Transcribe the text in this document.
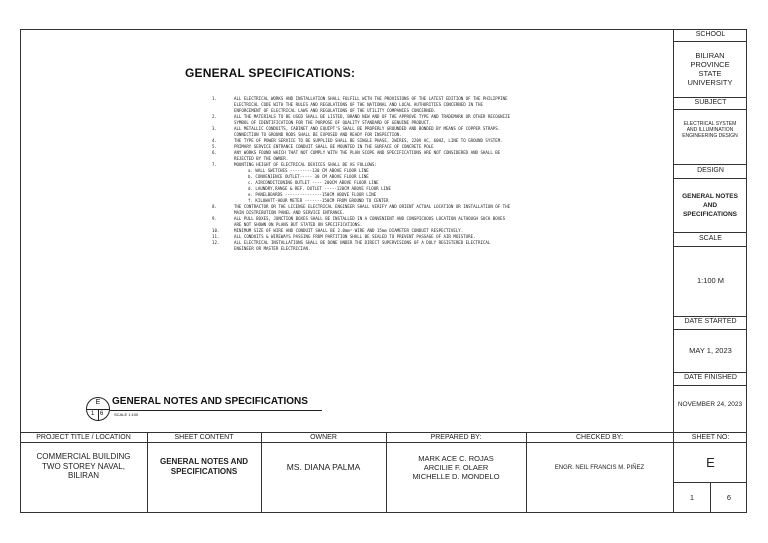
GENERAL SPECIFICATIONS:
1.	ALL ELECTRICAL WORKS AND INSTALLATION SHALL FULFILL WITH THE PROVISIONS OF THE LATEST EDITION OF THE PHILIPPINE ELECTRICAL CODE WITH THE RULES AND REGULATIONS OF THE NATIONAL AND LOCAL AUTHORITIES CONCERNED IN THE ENFORCEMENT OF ELECTRICAL LAWS AND REGULATIONS OF THE UTILITY COMPANIES CONCERNED.
2.	ALL THE MATERIALS TO BE USED SHALL BE LISTED, BRAND NEW AND OF THE APPROVE TYPE AND TRADEMARK OR OTHER RECOGNIZE SYMBOL OF IDENTIFICATION FOR THE PURPOSE OF QUALITY STANDARD OF GENUINE PRODUCT.
3.	ALL METALLIC CONDUITS, CABINET AND EQUIPT'S SHALL BE PROPERLY GROUNDED AND BONDED BY MEANS OF COPPER STRAPS. CONNECTION TO GROUND RODS SHALL BE EXPOSED AND READY FOR INSPECTION.
4.	THE TYPE OF POWER SERVICE TO BE SUPPLIED SHALL BE SINGLE PHASE, 2WIRES, 220V AC, 60HZ, LINE TO GROUND SYSTEM.
5.	PRIMARY SERVICE ENTRANCE CONDUIT SHALL BE MOUNTED IN THE SURFACE OF CONCRETE POLE
6.	ANY WORKS FOUND WHICH THAT NOT COMPLY WITH THE PLAN SCOPE AND SPECIFICATIONS ARE NOT CONSIDERED AND SHALL BE REJECTED BY THE OWNER.
7.	MOUNTING HEIGHT OF ELECTRICAL DEVICES SHALL BE AS FOLLOWS:
a. WALL SWITCHES ---------130 CM ABOVE FLOOR LINE
b. CONVENIENCE OUTLET----- 30 CM ABOVE FLOOR LINE
c. AIRCONDITIONING OUTLET ---- 200CM ABOVE FLOOR LINE
d. LAUNDRY,RANGE & REF. OUTLET -----120CM ABOVE FLOOR LINE
e. PANELBOARDS ---------------150CM ABOVE FLOOR LINE
f. KILOWATT-HOUR METER -------150CM FROM GROUND TO CENTER
8.	THE CONTRACTOR OR THE LICENSE ELECTRICAL ENGINEER SHALL VERIFY AND ORIENT ACTUAL LOCATION OR INSTALLATION OF THE MAIN DISTRIBUTION PANEL AND SERVICE ENTRANCE.
9.	ALL PULL BOXES, JUNCTION BOXES SHALL BE INSTALLED IN A CONVENIENT AND CONSPICUOUS LOCATION ALTHOUGH SUCH BOXES ARE NOT SHOWN ON PLANS BUT STATED ON SPECIFICATIONS.
10.	MINIMUM SIZE OF WIRE AND CONDUIT SHALL BE 2.0mm² WIRE AND 15mm DIAMETER CONDUIT RESPECTIVELY.
11.	ALL CONDUITS & WIREWAYS PASSING FROM PARTITION SHALL BE SEALED TO PREVENT PASSAGE OF AIR MOISTURE.
12.	ALL ELECTRICAL INSTALLATIONS SHALL BE DONE UNDER THE DIRECT SUPERVISIONS OF A DULY REGISTERED ELECTRICAL ENGINEER OR MASTER ELECTRICIAN.
E
1 6
GENERAL NOTES AND SPECIFICATIONS
SCALE 1:100
SCHOOL
BILIRAN PROVINCE STATE UNIVERSITY
SUBJECT
ELECTRICAL SYSTEM AND ILLUMINATION ENGINEERING DESIGN
DESIGN
GENERAL NOTES AND SPECIFICATIONS
SCALE
1:100 M
DATE STARTED
MAY 1, 2023
DATE FINISHED
NOVEMBER 24, 2023
PROJECT TITLE / LOCATION
COMMERCIAL BUILDING TWO STOREY NAVAL, BILIRAN
SHEET CONTENT
GENERAL NOTES AND SPECIFICATIONS
OWNER
MS. DIANA PALMA
PREPARED BY:
MARK ACE C. ROJAS
ARCILIE F. OLAER
MICHELLE D. MONDELO
CHECKED BY:
ENGR. NEIL FRANCIS M. PIÑEZ
SHEET NO:
E
1	6
